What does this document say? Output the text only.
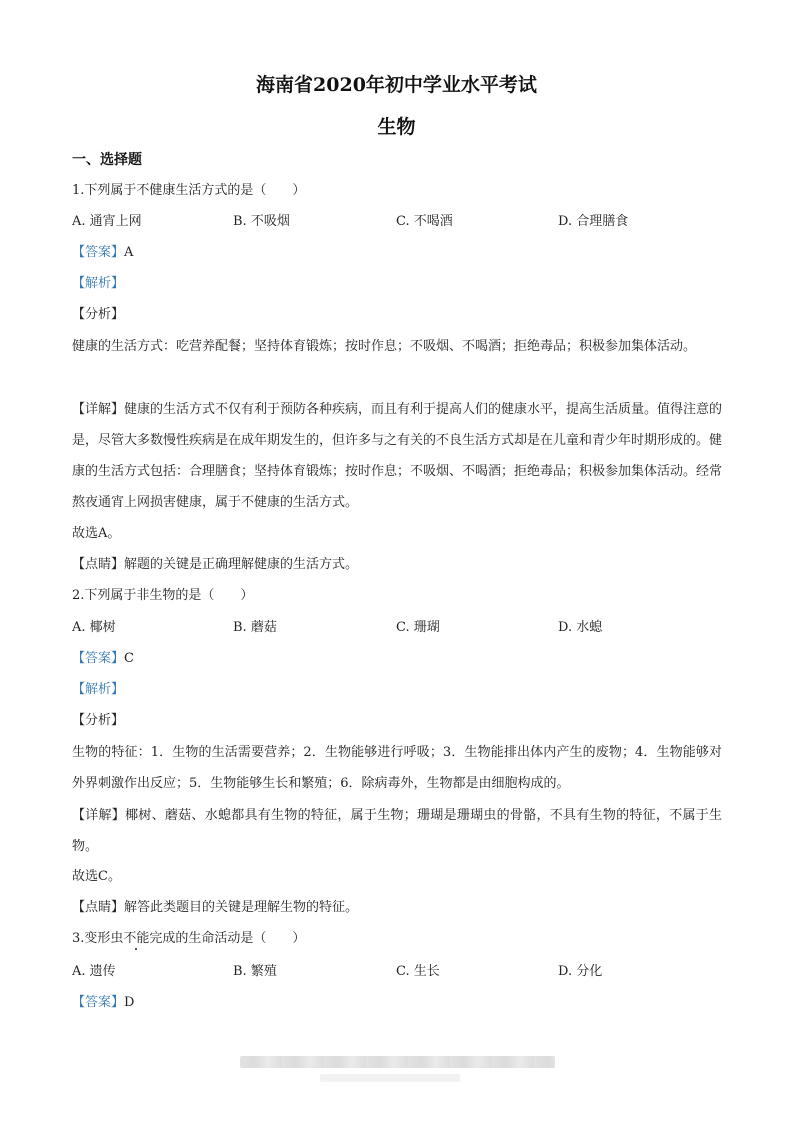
海南省2020年初中学业水平考试
生物
一、选择题
1.下列属于不健康生活方式的是（　　）
A. 通宵上网	B. 不吸烟	C. 不喝酒	D. 合理膳食
【答案】A
【解析】
【分析】
健康的生活方式：吃营养配餐；坚持体育锻炼；按时作息；不吸烟、不喝酒；拒绝毒品；积极参加集体活动。
【详解】健康的生活方式不仅有利于预防各种疾病，而且有利于提高人们的健康水平，提高生活质量。值得注意的是，尽管大多数慢性疾病是在成年期发生的，但许多与之有关的不良生活方式却是在儿童和青少年时期形成的。健康的生活方式包括：合理膳食；坚持体育锻炼；按时作息；不吸烟、不喝酒；拒绝毒品；积极参加集体活动。经常熬夜通宵上网损害健康，属于不健康的生活方式。
故选A。
【点睛】解题的关键是正确理解健康的生活方式。
2.下列属于非生物的是（　　）
A. 椰树	B. 蘑菇	C. 珊瑚	D. 水螅
【答案】C
【解析】
【分析】
生物的特征：1．生物的生活需要营养；2．生物能够进行呼吸；3．生物能排出体内产生的废物；4．生物能够对外界刺激作出反应；5．生物能够生长和繁殖；6．除病毒外，生物都是由细胞构成的。
【详解】椰树、蘑菇、水螅都具有生物的特征，属于生物；珊瑚是珊瑚虫的骨骼，不具有生物的特征，不属于生物。
故选C。
【点睛】解答此类题目的关键是理解生物的特征。
3.变形虫不能完成的生命活动是（　　）
A. 遗传	B. 繁殖	C. 生长	D. 分化
【答案】D
